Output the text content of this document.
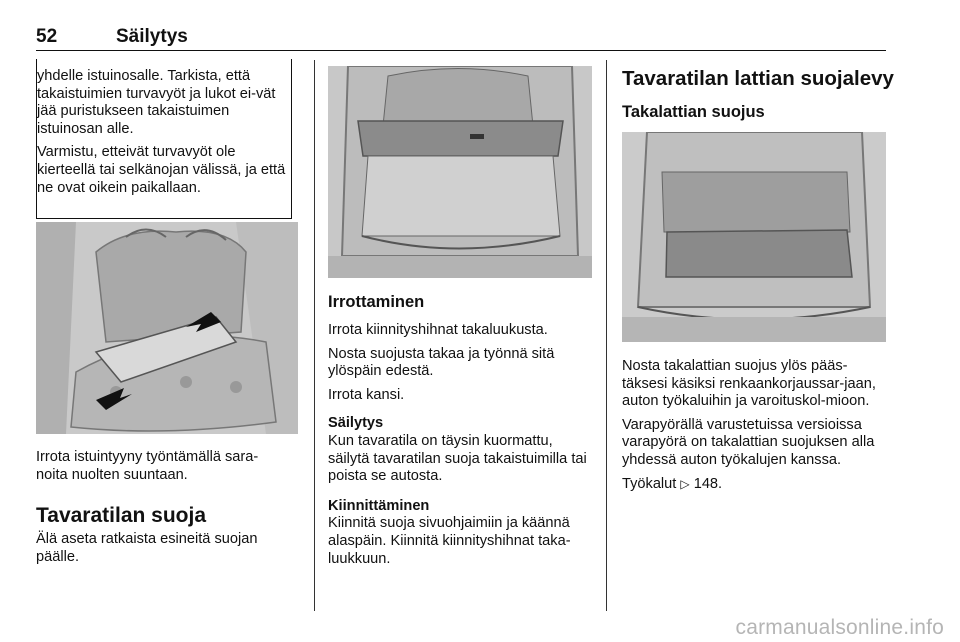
52	Säilytys

yhdelle istuinosalle. Tarkista, että takaistuimien turvavyöt ja lukot ei-vät jää puristukseen takaistuimen istuinosan alle.

Varmistu, etteivät turvavyöt ole kierteellä tai selkänojan välissä, ja että ne ovat oikein paikallaan.

Irrota istuintyyny työntämällä sara-noita nuolten suuntaan.

Tavaratilan suoja

Älä aseta ratkaista esineitä suojan päälle.

Irrottaminen

Irrota kiinnityshihnat takaluukusta.

Nosta suojusta takaa ja työnnä sitä ylöspäin edestä.

Irrota kansi.

Säilytys

Kun tavaratila on täysin kuormattu, säilytä tavaratilan suoja takaistuimilla tai poista se autosta.

Kiinnittäminen

Kiinnitä suoja sivuohjaimiin ja käännä alaspäin. Kiinnitä kiinnityshihnat taka-luukkuun.

Tavaratilan lattian suojalevy
Takalattian suojus

Nosta takalattian suojus ylös pääs-täksesi käsiksi renkaankorjaussar-jaan, auton työkaluihin ja varoituskol-mioon.

Varapyörällä varustetuissa versioissa varapyörä on takalattian suojuksen alla yhdessä auton työkalujen kanssa.

Työkalut ▷ 148.

carmanualsonline.info
